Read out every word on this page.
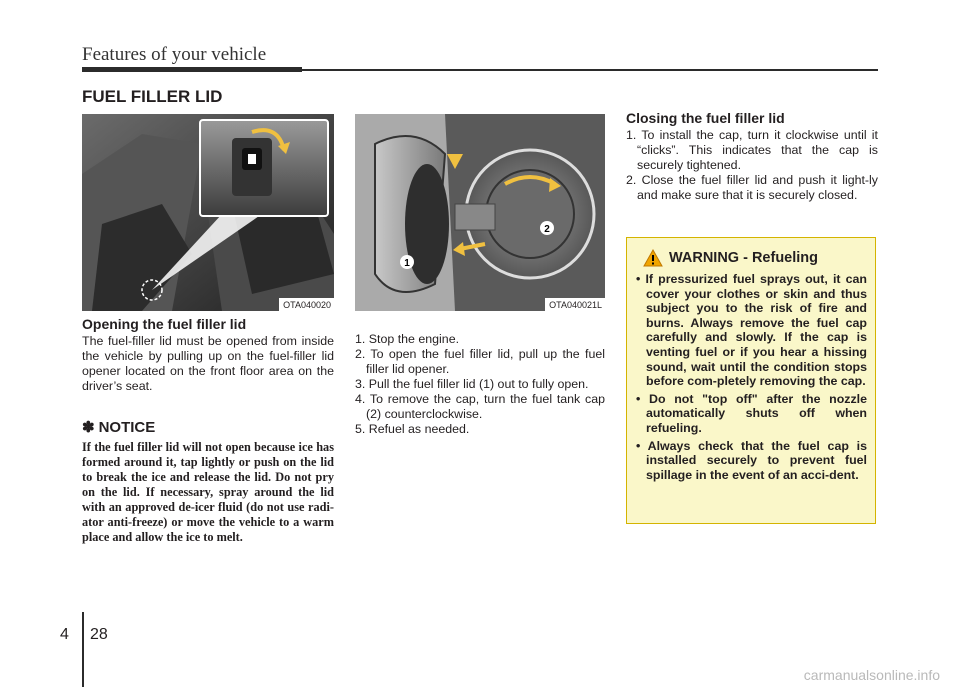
Features of your vehicle
FUEL FILLER LID
OTA040020
1
2
OTA040021L
Opening the fuel filler lid

The fuel-filler lid must be opened from inside the vehicle by pulling up on the fuel-filler lid opener located on the front floor area on the driver’s seat.

✽ NOTICE

If the fuel filler lid will not open because ice has formed around it, tap lightly or push on the lid to break the ice and release the lid. Do not pry on the lid. If necessary, spray around the lid with an approved de-icer fluid (do not use radi-ator anti-freeze) or move the vehicle to a warm place and allow the ice to melt.

1. Stop the engine.
2. To open the fuel filler lid, pull up the fuel filler lid opener.
3. Pull the fuel filler lid (1) out to fully open.
4. To remove the cap, turn the fuel tank cap (2) counterclockwise.
5. Refuel as needed.
Closing the fuel filler lid
1. To install the cap, turn it clockwise until it “clicks”. This indicates that the cap is securely tightened.
2. Close the fuel filler lid and push it light-ly and make sure that it is securely closed.
WARNING - Refueling
• If pressurized fuel sprays out, it can cover your clothes or skin and thus subject you to the risk of fire and burns. Always remove the fuel cap carefully and slowly. If the cap is venting fuel or if you hear a hissing sound, wait until the condition stops before com-pletely removing the cap.
• Do not "top off" after the nozzle automatically shuts off when refueling.
• Always check that the fuel cap is installed securely to prevent fuel spillage in the event of an acci-dent.
4 28
carmanualsonline.info
